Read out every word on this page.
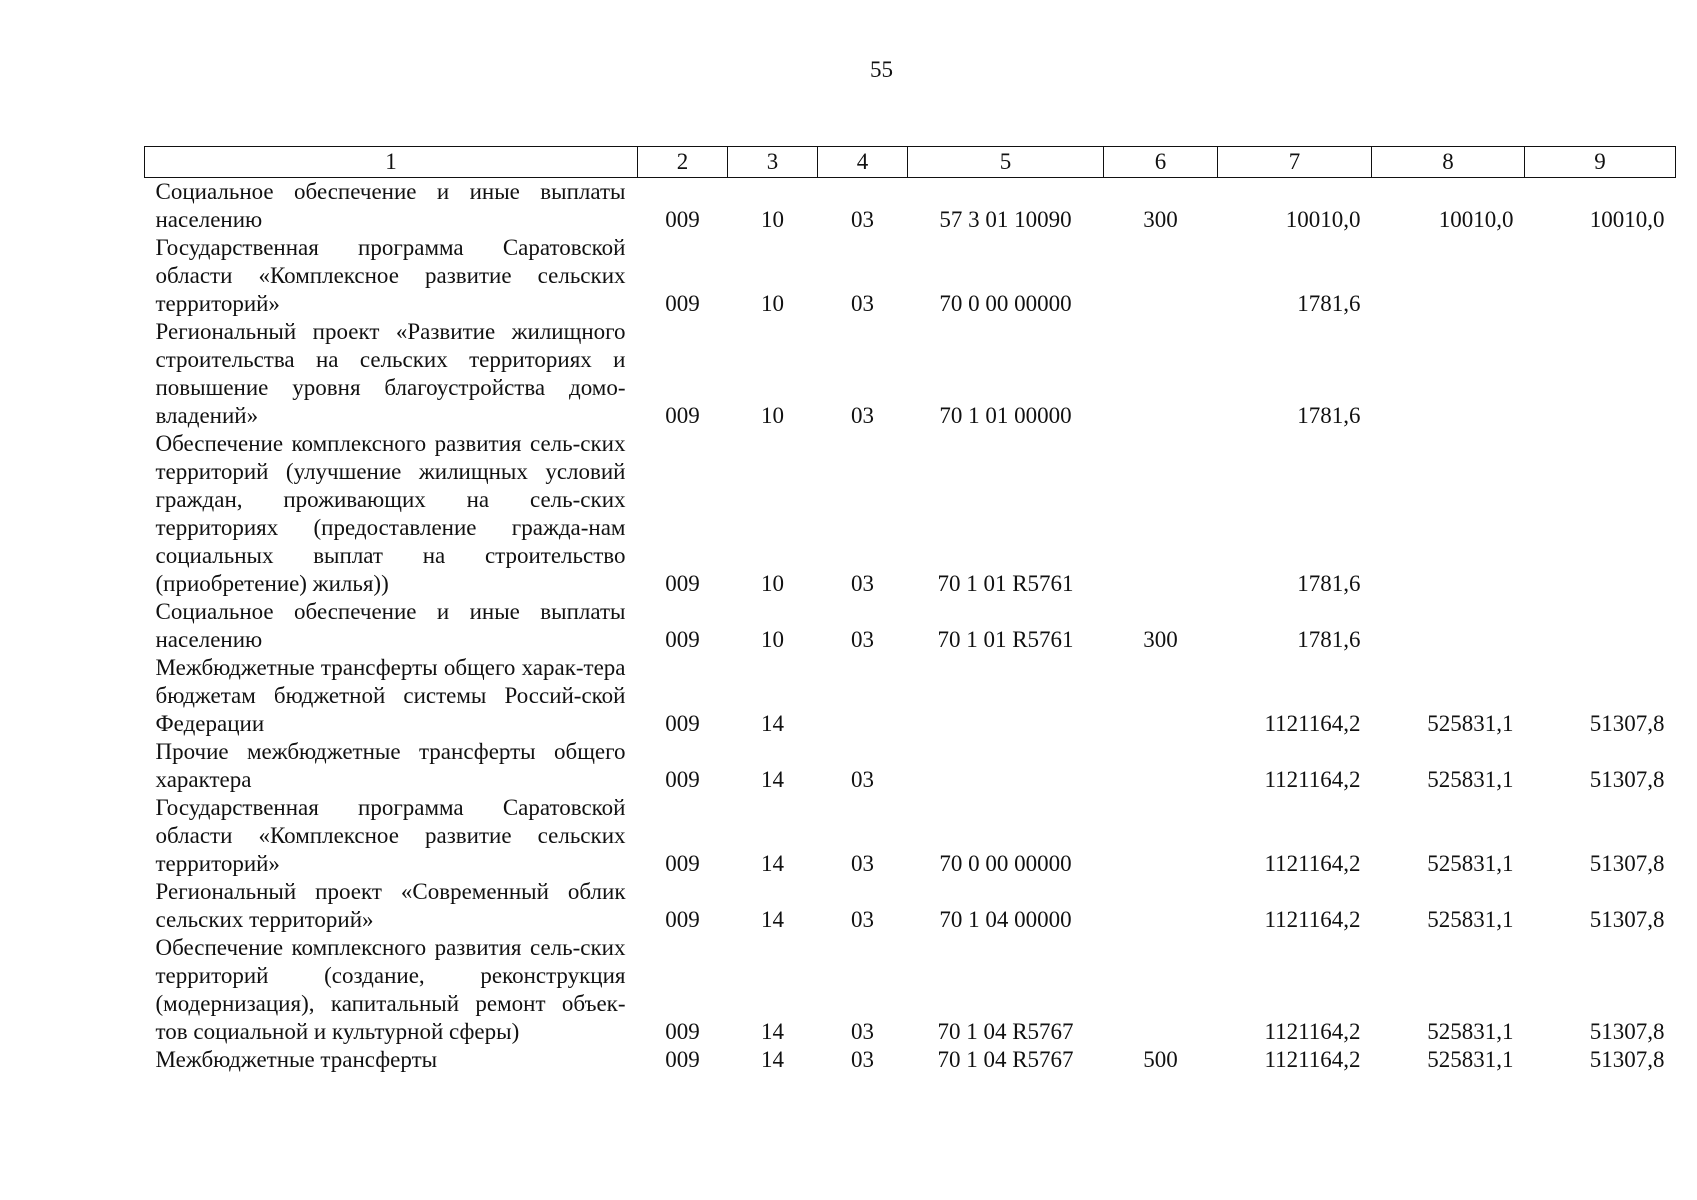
55
1	2	3	4	5	6	7	8	9
Социальное обеспечение и иные выплаты населению	009	10	03	57 3 01 10090	300	10010,0	10010,0	10010,0
Государственная программа Саратовской области «Комплексное развитие сельских территорий»	009	10	03	70 0 00 00000		1781,6		
Региональный проект «Развитие жилищного строительства на сельских территориях и повышение уровня благоустройства домо-владений»	009	10	03	70 1 01 00000		1781,6		
Обеспечение комплексного развития сель-ских территорий (улучшение жилищных условий граждан, проживающих на сель-ских территориях (предоставление гражда-нам социальных выплат на строительство (приобретение) жилья))	009	10	03	70 1 01 R5761		1781,6		
Социальное обеспечение и иные выплаты населению	009	10	03	70 1 01 R5761	300	1781,6		
Межбюджетные трансферты общего харак-тера бюджетам бюджетной системы Россий-ской Федерации	009	14				1121164,2	525831,1	51307,8
Прочие межбюджетные трансферты общего характера	009	14	03			1121164,2	525831,1	51307,8
Государственная программа Саратовской области «Комплексное развитие сельских территорий»	009	14	03	70 0 00 00000		1121164,2	525831,1	51307,8
Региональный проект «Современный облик сельских территорий»	009	14	03	70 1 04 00000		1121164,2	525831,1	51307,8
Обеспечение комплексного развития сель-ских территорий (создание, реконструкция (модернизация), капитальный ремонт объек-тов социальной и культурной сферы)	009	14	03	70 1 04 R5767		1121164,2	525831,1	51307,8
Межбюджетные трансферты	009	14	03	70 1 04 R5767	500	1121164,2	525831,1	51307,8
